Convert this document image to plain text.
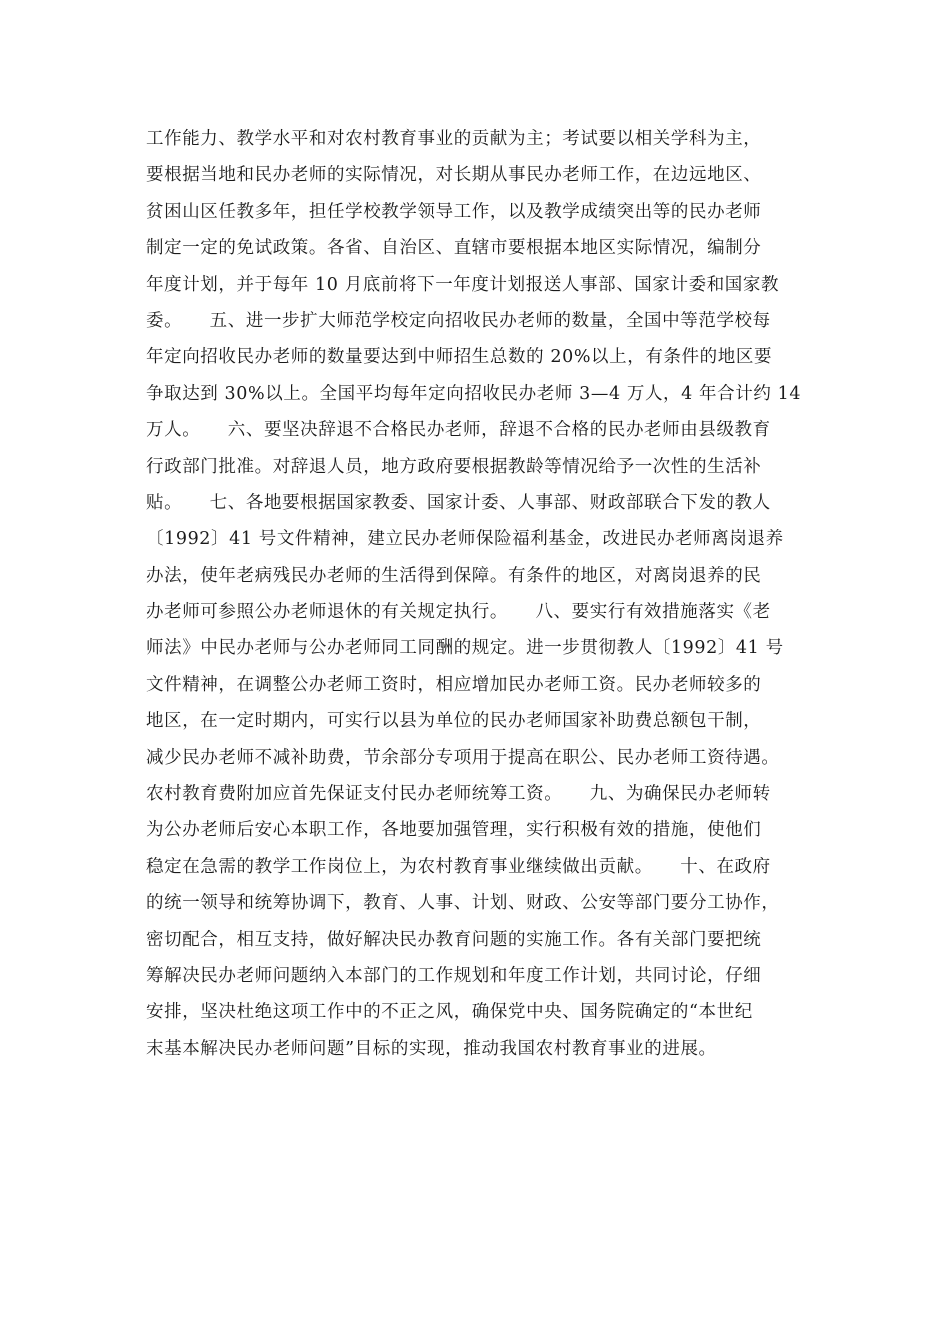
工作能力、教学水平和对农村教育事业的贡献为主；考试要以相关学科为主，
要根据当地和民办老师的实际情况，对长期从事民办老师工作，在边远地区、
贫困山区任教多年，担任学校教学领导工作，以及教学成绩突出等的民办老师
制定一定的免试政策。各省、自治区、直辖市要根据本地区实际情况，编制分
年度计划，并于每年 10 月底前将下一年度计划报送人事部、国家计委和国家教
委。　　五、进一步扩大师范学校定向招收民办老师的数量，全国中等范学校每
年定向招收民办老师的数量要达到中师招生总数的 20%以上，有条件的地区要
争取达到 30%以上。全国平均每年定向招收民办老师 3—4 万人，4 年合计约 14
万人。　　六、要坚决辞退不合格民办老师，辞退不合格的民办老师由县级教育
行政部门批准。对辞退人员，地方政府要根据教龄等情况给予一次性的生活补
贴。　　七、各地要根据国家教委、国家计委、人事部、财政部联合下发的教人
〔1992〕41 号文件精神，建立民办老师保险福利基金，改进民办老师离岗退养
办法，使年老病残民办老师的生活得到保障。有条件的地区，对离岗退养的民
办老师可参照公办老师退休的有关规定执行。　　八、要实行有效措施落实《老
师法》中民办老师与公办老师同工同酬的规定。进一步贯彻教人〔1992〕41 号
文件精神，在调整公办老师工资时，相应增加民办老师工资。民办老师较多的
地区，在一定时期内，可实行以县为单位的民办老师国家补助费总额包干制，
减少民办老师不减补助费，节余部分专项用于提高在职公、民办老师工资待遇。
农村教育费附加应首先保证支付民办老师统筹工资。　　九、为确保民办老师转
为公办老师后安心本职工作，各地要加强管理，实行积极有效的措施，使他们
稳定在急需的教学工作岗位上，为农村教育事业继续做出贡献。　　十、在政府
的统一领导和统筹协调下，教育、人事、计划、财政、公安等部门要分工协作，
密切配合，相互支持，做好解决民办教育问题的实施工作。各有关部门要把统
筹解决民办老师问题纳入本部门的工作规划和年度工作计划，共同讨论，仔细
安排，坚决杜绝这项工作中的不正之风，确保党中央、国务院确定的“本世纪
末基本解决民办老师问题”目标的实现，推动我国农村教育事业的进展。
